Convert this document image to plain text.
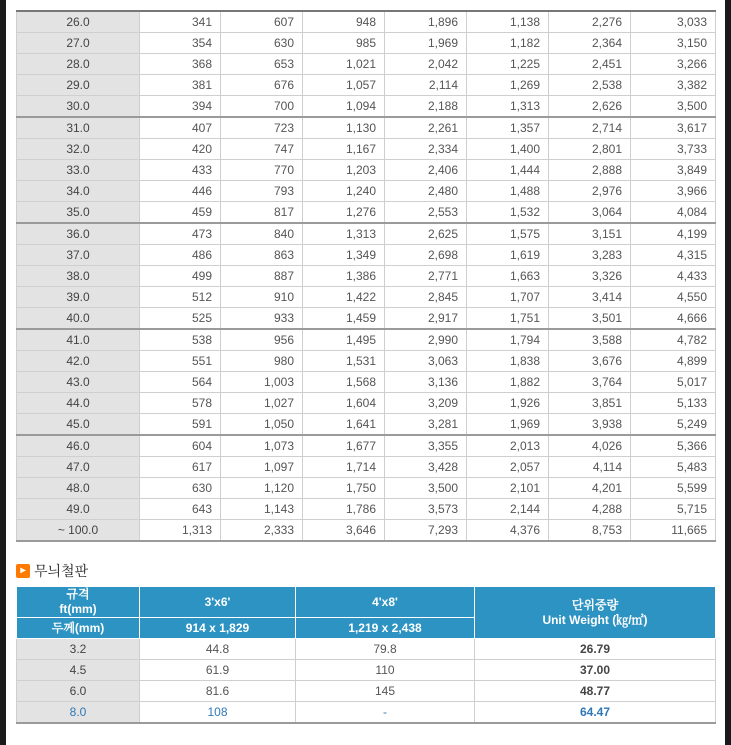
26.0	341	607	948	1,896	1,138	2,276	3,033
27.0	354	630	985	1,969	1,182	2,364	3,150
28.0	368	653	1,021	2,042	1,225	2,451	3,266
29.0	381	676	1,057	2,114	1,269	2,538	3,382
30.0	394	700	1,094	2,188	1,313	2,626	3,500
31.0	407	723	1,130	2,261	1,357	2,714	3,617
32.0	420	747	1,167	2,334	1,400	2,801	3,733
33.0	433	770	1,203	2,406	1,444	2,888	3,849
34.0	446	793	1,240	2,480	1,488	2,976	3,966
35.0	459	817	1,276	2,553	1,532	3,064	4,084
36.0	473	840	1,313	2,625	1,575	3,151	4,199
37.0	486	863	1,349	2,698	1,619	3,283	4,315
38.0	499	887	1,386	2,771	1,663	3,326	4,433
39.0	512	910	1,422	2,845	1,707	3,414	4,550
40.0	525	933	1,459	2,917	1,751	3,501	4,666
41.0	538	956	1,495	2,990	1,794	3,588	4,782
42.0	551	980	1,531	3,063	1,838	3,676	4,899
43.0	564	1,003	1,568	3,136	1,882	3,764	5,017
44.0	578	1,027	1,604	3,209	1,926	3,851	5,133
45.0	591	1,050	1,641	3,281	1,969	3,938	5,249
46.0	604	1,073	1,677	3,355	2,013	4,026	5,366
47.0	617	1,097	1,714	3,428	2,057	4,114	5,483
48.0	630	1,120	1,750	3,500	2,101	4,201	5,599
49.0	643	1,143	1,786	3,573	2,144	4,288	5,715
~ 100.0	1,313	2,333	3,646	7,293	4,376	8,753	11,665
▸ 무늬철판
규격
ft(mm)	3'x6'	4'x8'	단위중량
Unit Weight (㎏/㎡)
두께(mm)	914 x 1,829	1,219 x 2,438	
3.2	44.8	79.8	26.79
4.5	61.9	110	37.00
6.0	81.6	145	48.77
8.0	108	-	64.47
